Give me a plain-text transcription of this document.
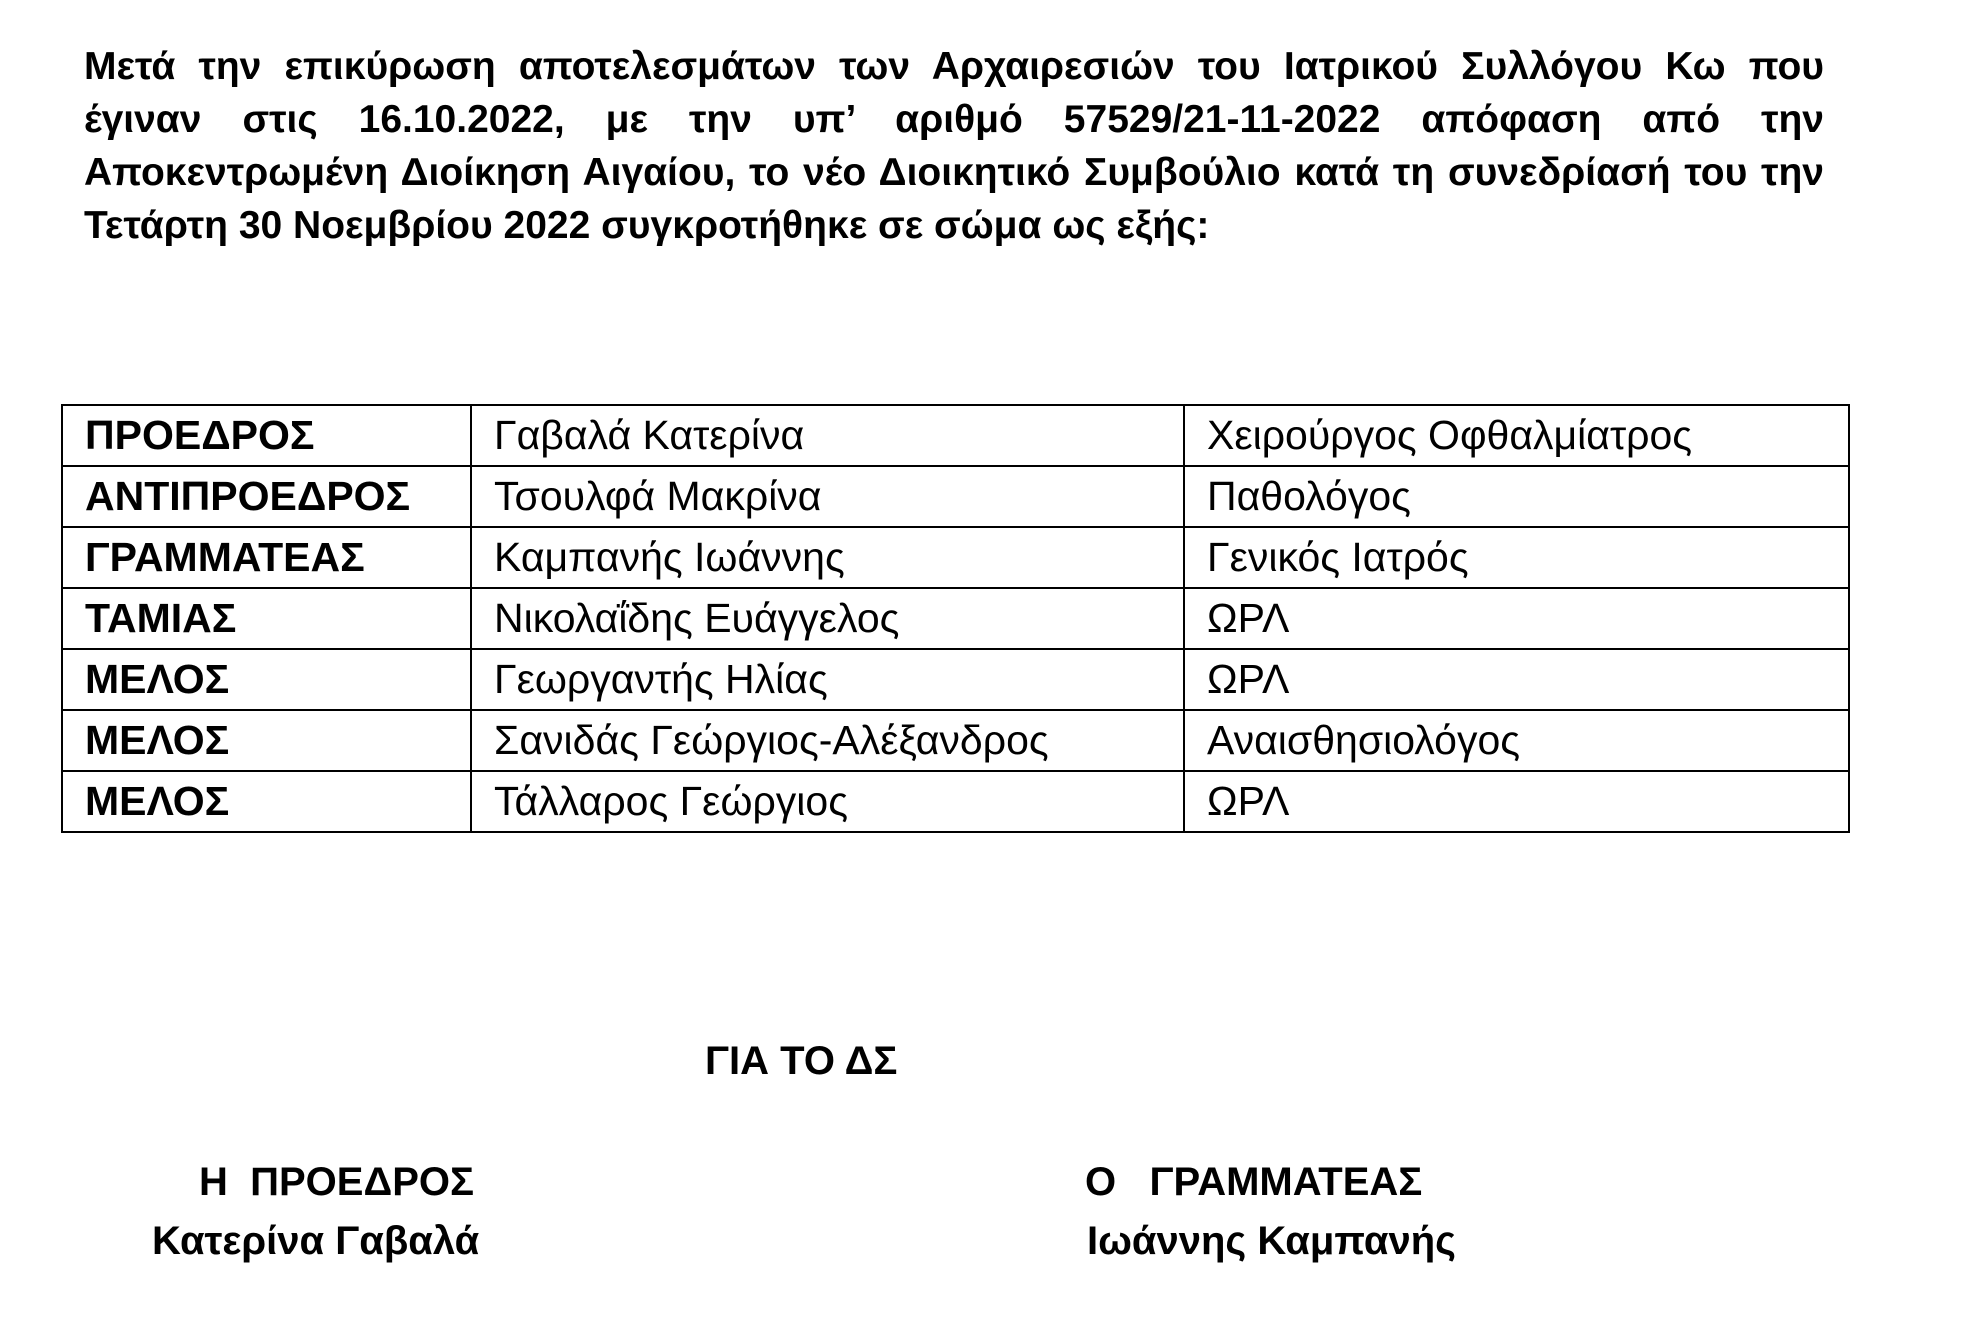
Μετά την επικύρωση αποτελεσμάτων των Αρχαιρεσιών του Ιατρικού Συλλόγου Κω που έγιναν στις 16.10.2022, με την υπ’ αριθμό 57529/21-11-2022 απόφαση από την Αποκεντρωμένη Διοίκηση Αιγαίου, το νέο Διοικητικό Συμβούλιο κατά τη συνεδρίασή του την Τετάρτη 30 Νοεμβρίου 2022 συγκροτήθηκε σε σώμα ως εξής:

ΠΡΟΕΔΡΟΣ	Γαβαλά Κατερίνα	Χειρούργος Οφθαλμίατρος
ΑΝΤΙΠΡΟΕΔΡΟΣ	Τσουλφά Μακρίνα	Παθολόγος
ΓΡΑΜΜΑΤΕΑΣ	Καμπανής Ιωάννης	Γενικός Ιατρός
ΤΑΜΙΑΣ	Νικολαΐδης Ευάγγελος	ΩΡΛ
ΜΕΛΟΣ	Γεωργαντής Ηλίας	ΩΡΛ
ΜΕΛΟΣ	Σανιδάς Γεώργιος-Αλέξανδρος	Αναισθησιολόγος
ΜΕΛΟΣ	Τάλλαρος Γεώργιος	ΩΡΛ
ΓΙΑ ΤΟ ΔΣ
Η  ΠΡΟΕΔΡΟΣ
Κατερίνα Γαβαλά
Ο   ΓΡΑΜΜΑΤΕΑΣ
Ιωάννης Καμπανής
